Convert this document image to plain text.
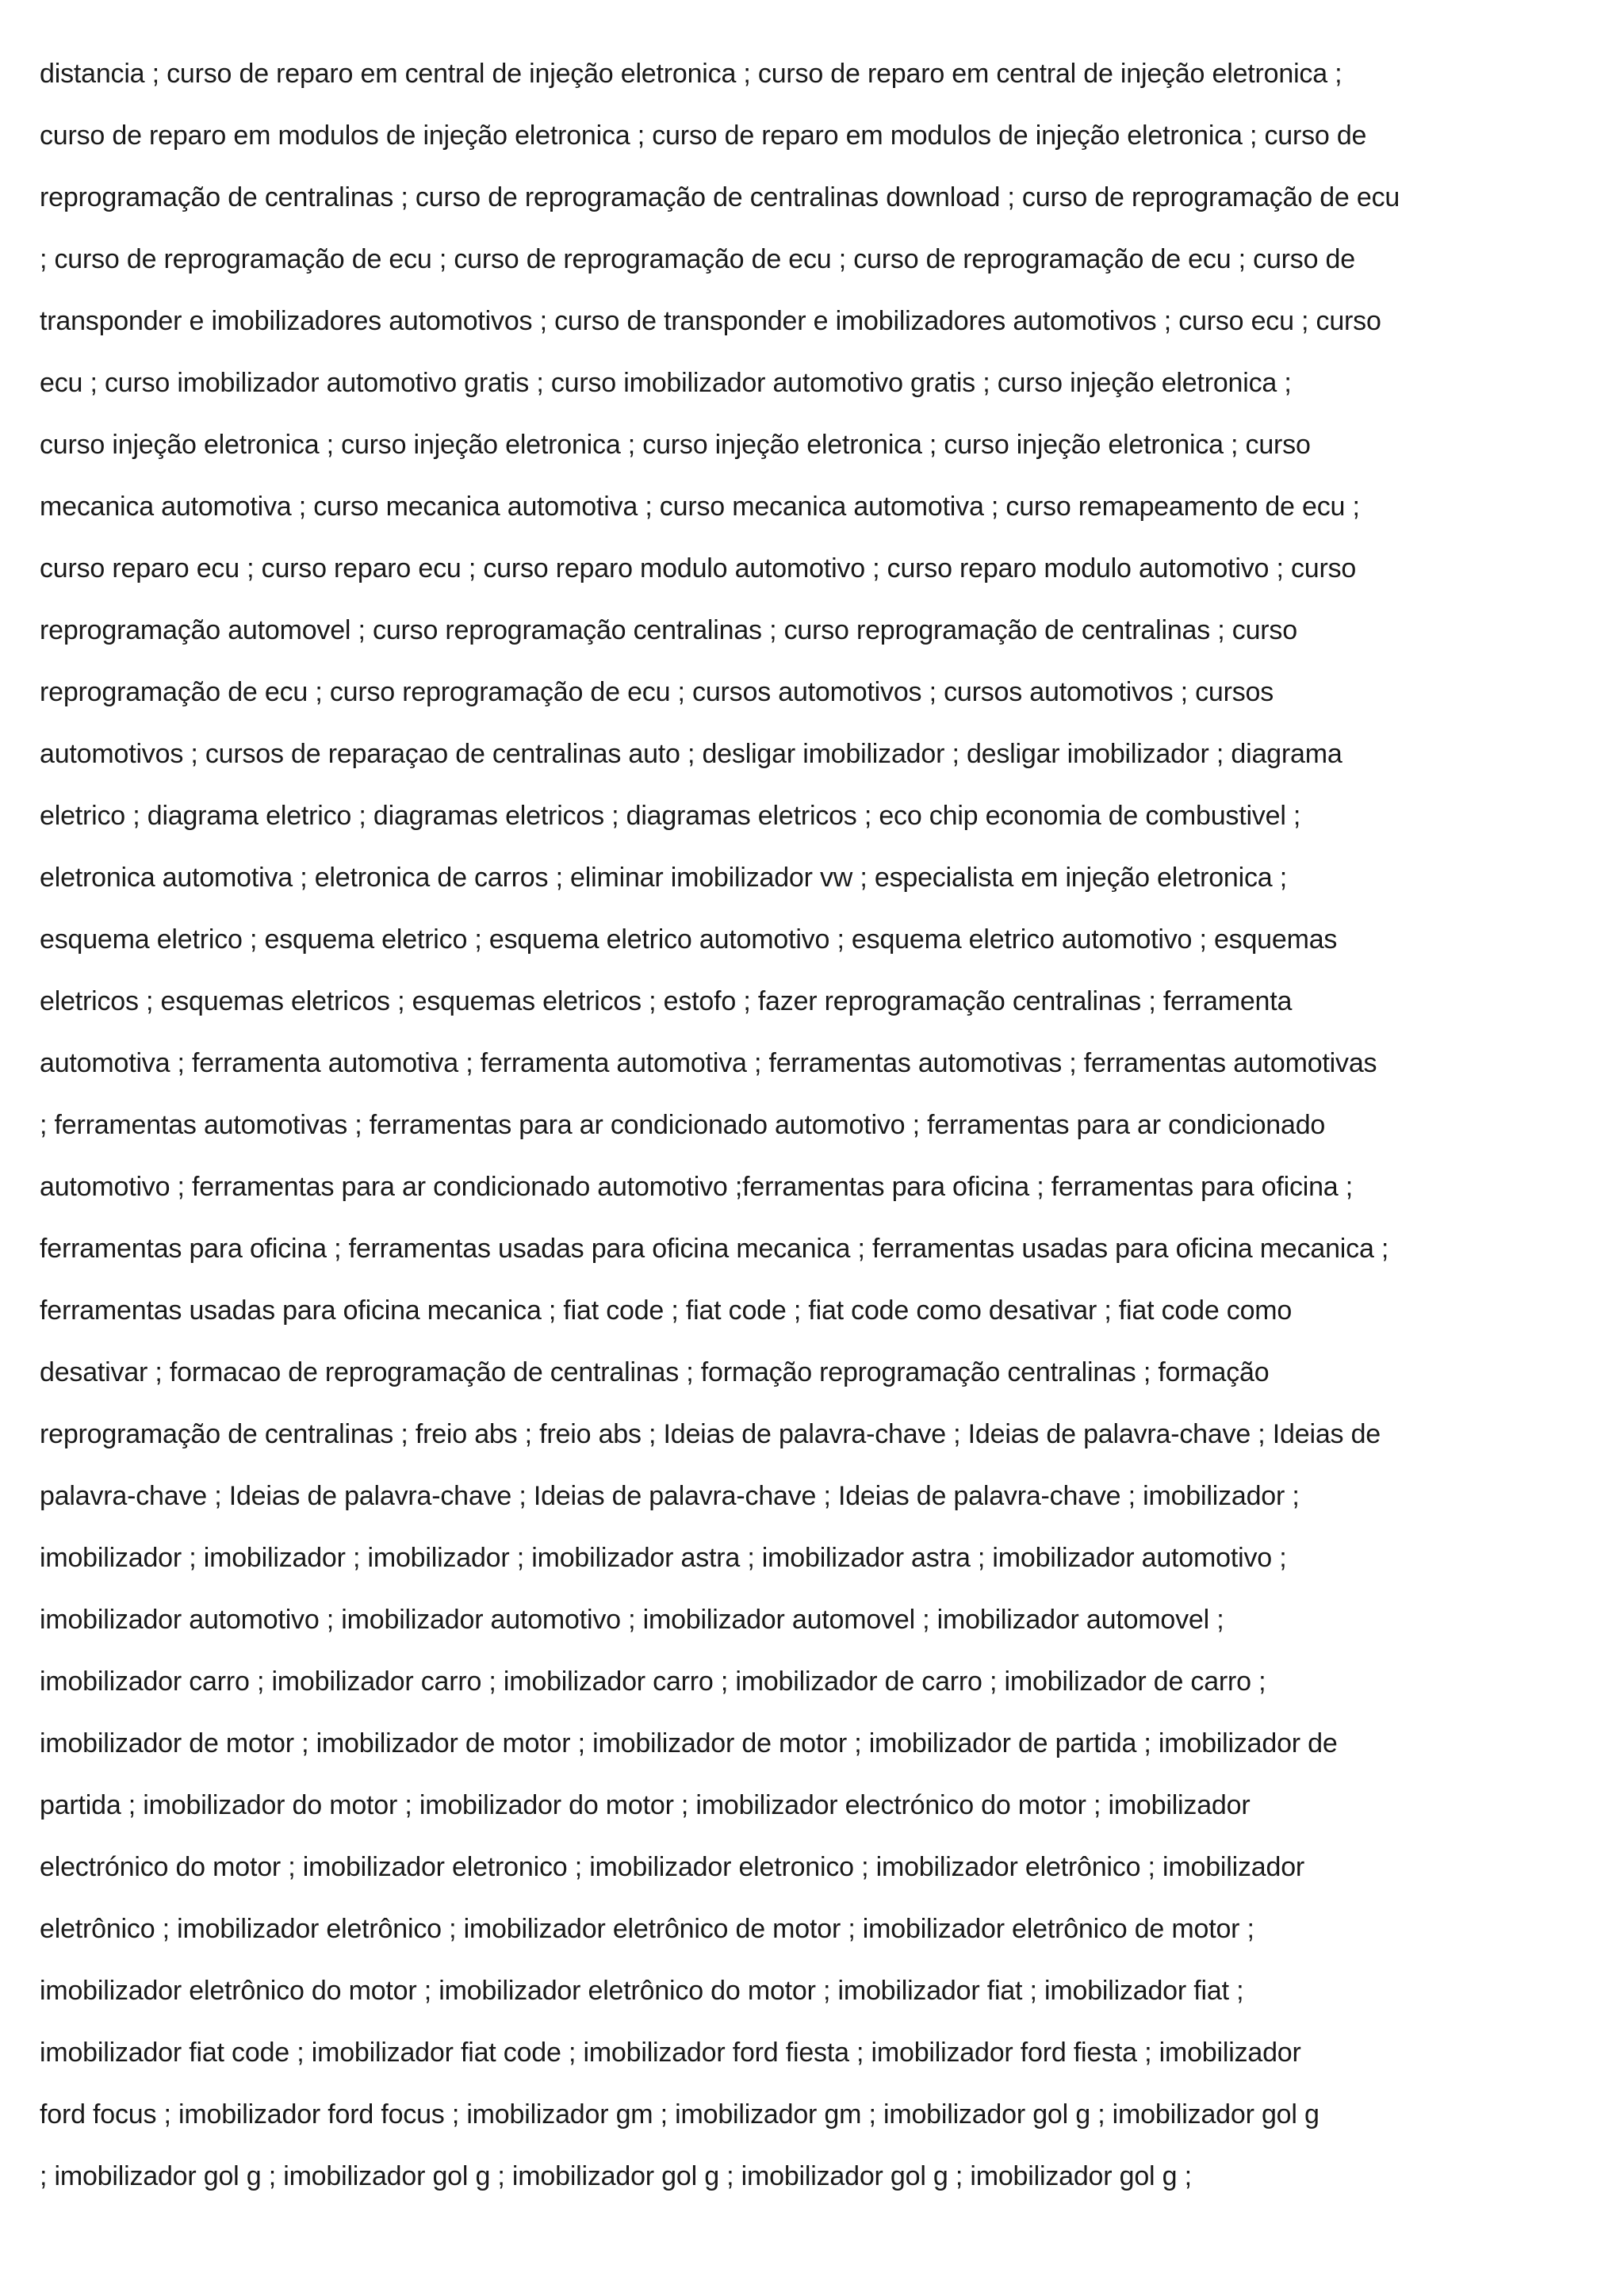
distancia ; curso de reparo em central de injeção eletronica ; curso de reparo em central de injeção eletronica ;
curso de reparo em modulos de injeção eletronica ; curso de reparo em modulos de injeção eletronica ; curso de
reprogramação de centralinas ; curso de reprogramação de centralinas download ; curso de reprogramação de ecu
; curso de reprogramação de ecu ; curso de reprogramação de ecu ; curso de reprogramação de ecu ; curso de
transponder e imobilizadores automotivos ; curso de transponder e imobilizadores automotivos ; curso ecu ; curso
ecu ; curso imobilizador automotivo gratis ; curso imobilizador automotivo gratis ; curso injeção eletronica ;
curso injeção eletronica ; curso injeção eletronica ; curso injeção eletronica ; curso injeção eletronica ; curso
mecanica automotiva ; curso mecanica automotiva ; curso mecanica automotiva ; curso remapeamento de ecu ;
curso reparo ecu ; curso reparo ecu ; curso reparo modulo automotivo ; curso reparo modulo automotivo ; curso
reprogramação automovel ; curso reprogramação centralinas ; curso reprogramação de centralinas ; curso
reprogramação de ecu ; curso reprogramação de ecu ; cursos automotivos ; cursos automotivos ; cursos
automotivos ; cursos de reparaçao de centralinas auto ; desligar imobilizador ; desligar imobilizador ; diagrama
eletrico ; diagrama eletrico ; diagramas eletricos ; diagramas eletricos ; eco chip economia de combustivel ;
eletronica automotiva ; eletronica de carros ; eliminar imobilizador vw ; especialista em injeção eletronica ;
esquema eletrico ; esquema eletrico ; esquema eletrico automotivo ; esquema eletrico automotivo ; esquemas
eletricos ; esquemas eletricos ; esquemas eletricos ; estofo ; fazer reprogramação centralinas ; ferramenta
automotiva ; ferramenta automotiva ; ferramenta automotiva ; ferramentas automotivas ; ferramentas automotivas
; ferramentas automotivas ; ferramentas para ar condicionado automotivo ; ferramentas para ar condicionado
automotivo ; ferramentas para ar condicionado automotivo ;ferramentas para oficina ; ferramentas para oficina ;
ferramentas para oficina ; ferramentas usadas para oficina mecanica ; ferramentas usadas para oficina mecanica ;
ferramentas usadas para oficina mecanica ; fiat code ; fiat code ; fiat code como desativar ; fiat code como
desativar ; formacao de reprogramação de centralinas ; formação reprogramação centralinas ; formação
reprogramação de centralinas ; freio abs ; freio abs ; Ideias de palavra-chave ; Ideias de palavra-chave ; Ideias de
palavra-chave ; Ideias de palavra-chave ; Ideias de palavra-chave ; Ideias de palavra-chave ; imobilizador ;
imobilizador ; imobilizador ; imobilizador ; imobilizador astra ; imobilizador astra ; imobilizador automotivo ;
imobilizador automotivo ; imobilizador automotivo ; imobilizador automovel ; imobilizador automovel ;
imobilizador carro ; imobilizador carro ; imobilizador carro ; imobilizador de carro ; imobilizador de carro ;
imobilizador de motor ; imobilizador de motor ; imobilizador de motor ; imobilizador de partida ; imobilizador de
partida ; imobilizador do motor ; imobilizador do motor ; imobilizador electrónico do motor ; imobilizador
electrónico do motor ; imobilizador eletronico ; imobilizador eletronico ; imobilizador eletrônico ; imobilizador
eletrônico ; imobilizador eletrônico ; imobilizador eletrônico de motor ; imobilizador eletrônico de motor ;
imobilizador eletrônico do motor ; imobilizador eletrônico do motor ; imobilizador fiat ; imobilizador fiat ;
imobilizador fiat code ; imobilizador fiat code ; imobilizador ford fiesta ; imobilizador ford fiesta ; imobilizador
ford focus ; imobilizador ford focus ; imobilizador gm ; imobilizador gm ; imobilizador gol g ; imobilizador gol g
; imobilizador gol g ; imobilizador gol g ; imobilizador gol g ; imobilizador gol g ; imobilizador gol g ;
